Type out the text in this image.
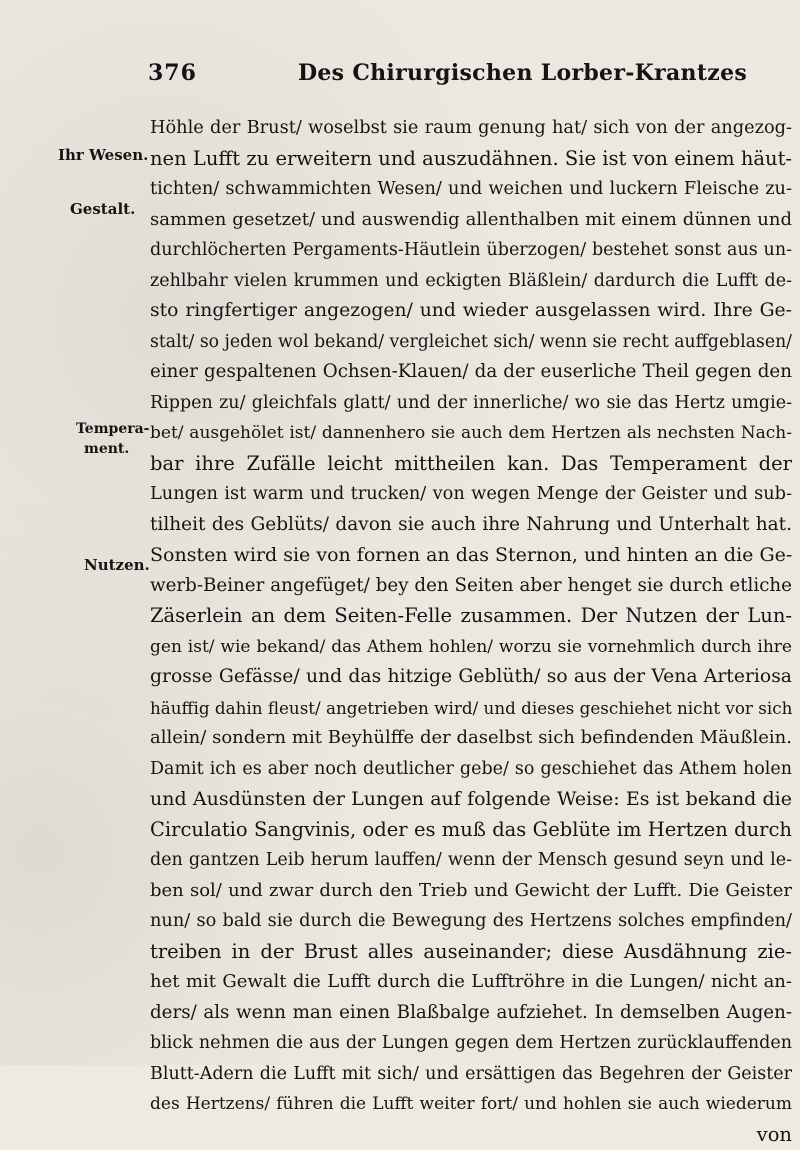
376	Des Chirurgischen Lorber-Krantzes
Ihr Wesen.
Gestalt.
Tempera-
ment.
Nutzen.
Höhle der Brust/ woselbst sie raum genung hat/ sich von der angezog-
nen Lufft zu erweitern und auszudähnen. Sie ist von einem häut-
tichten/ schwammichten Wesen/ und weichen und luckern Fleische zu-
sammen gesetzet/ und auswendig allenthalben mit einem dünnen und
durchlöcherten Pergaments-Häutlein überzogen/ bestehet sonst aus un-
zehlbahr vielen krummen und eckigten Bläßlein/ dardurch die Lufft de-
sto ringfertiger angezogen/ und wieder ausgelassen wird. Ihre Ge-
stalt/ so jeden wol bekand/ vergleichet sich/ wenn sie recht auffgeblasen/
einer gespaltenen Ochsen-Klauen/ da der euserliche Theil gegen den
Rippen zu/ gleichfals glatt/ und der innerliche/ wo sie das Hertz umgie-
bet/ ausgehölet ist/ dannenhero sie auch dem Hertzen als nechsten Nach-
bar ihre Zufälle leicht mittheilen kan. Das Temperament der
Lungen ist warm und trucken/ von wegen Menge der Geister und sub-
tilheit des Geblüts/ davon sie auch ihre Nahrung und Unterhalt hat.
Sonsten wird sie von fornen an das Sternon, und hinten an die Ge-
werb-Beiner angefüget/ bey den Seiten aber henget sie durch etliche
Zäserlein an dem Seiten-Felle zusammen. Der Nutzen der Lun-
gen ist/ wie bekand/ das Athem hohlen/ worzu sie vornehmlich durch ihre
grosse Gefässe/ und das hitzige Geblüth/ so aus der Vena Arteriosa
häuffig dahin fleust/ angetrieben wird/ und dieses geschiehet nicht vor sich
allein/ sondern mit Beyhülffe der daselbst sich befindenden Mäußlein.
Damit ich es aber noch deutlicher gebe/ so geschiehet das Athem holen
und Ausdünsten der Lungen auf folgende Weise: Es ist bekand die
Circulatio Sangvinis, oder es muß das Geblüte im Hertzen durch
den gantzen Leib herum lauffen/ wenn der Mensch gesund seyn und le-
ben sol/ und zwar durch den Trieb und Gewicht der Lufft. Die Geister
nun/ so bald sie durch die Bewegung des Hertzens solches empfinden/
treiben in der Brust alles auseinander; diese Ausdähnung zie-
het mit Gewalt die Lufft durch die Lufftröhre in die Lungen/ nicht an-
ders/ als wenn man einen Blaßbalge aufziehet. In demselben Augen-
blick nehmen die aus der Lungen gegen dem Hertzen zurücklauffenden
Blutt-Adern die Lufft mit sich/ und ersättigen das Begehren der Geister
des Hertzens/ führen die Lufft weiter fort/ und hohlen sie auch wiederum
von
